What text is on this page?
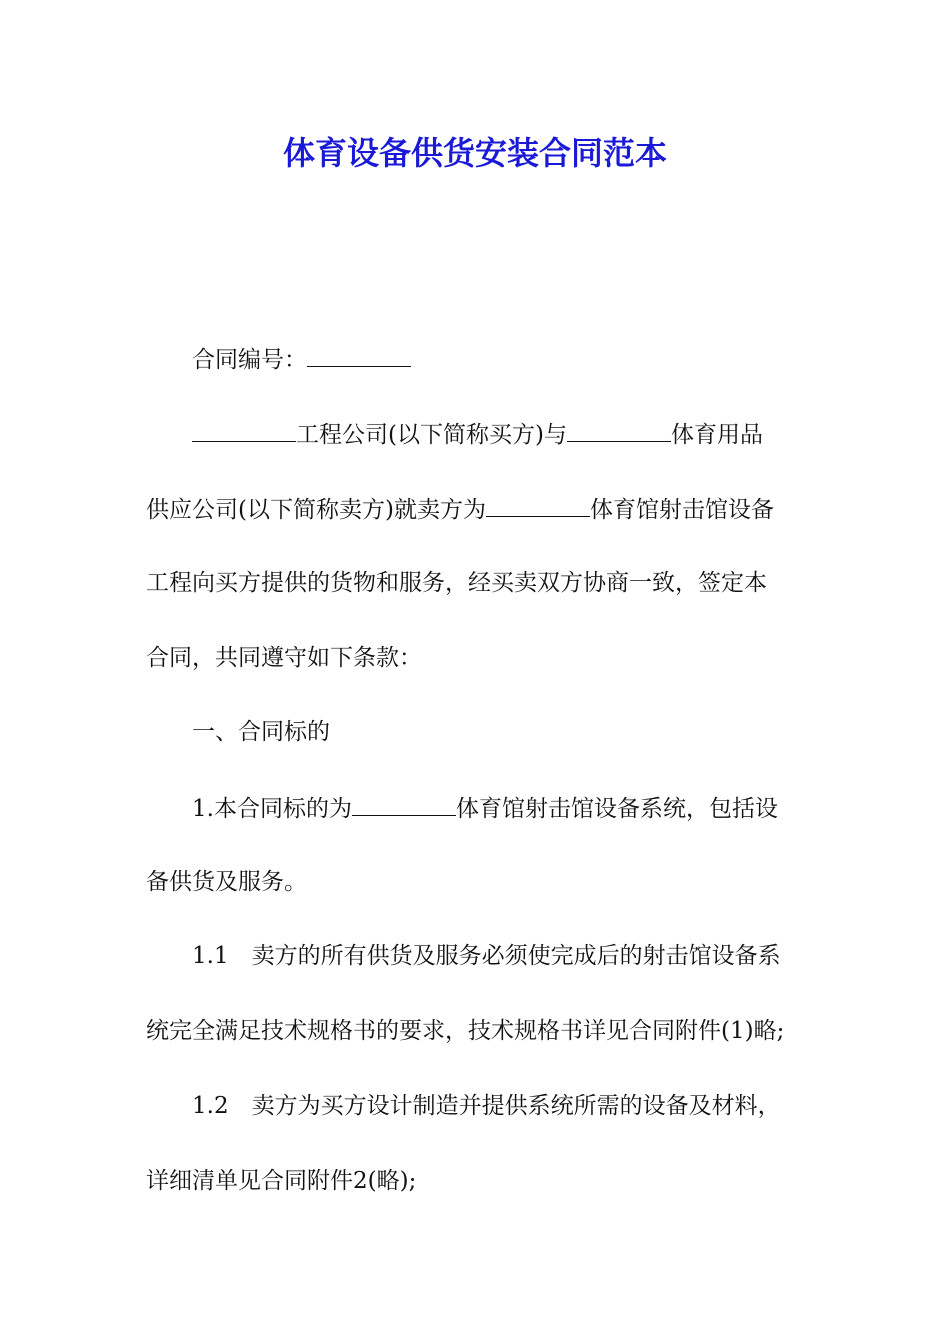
体育设备供货安装合同范本

合同编号：

工程公司(以下简称买方)与	体育用品

供应公司(以下简称卖方)就卖方为	体育馆射击馆设备

工程向买方提供的货物和服务，经买卖双方协商一致，签定本

合同，共同遵守如下条款：

一、合同标的

1.本合同标的为	体育馆射击馆设备系统，包括设

备供货及服务。

1.1　卖方的所有供货及服务必须使完成后的射击馆设备系

统完全满足技术规格书的要求，技术规格书详见合同附件(1)略;

1.2　卖方为买方设计制造并提供系统所需的设备及材料，

详细清单见合同附件2(略);
